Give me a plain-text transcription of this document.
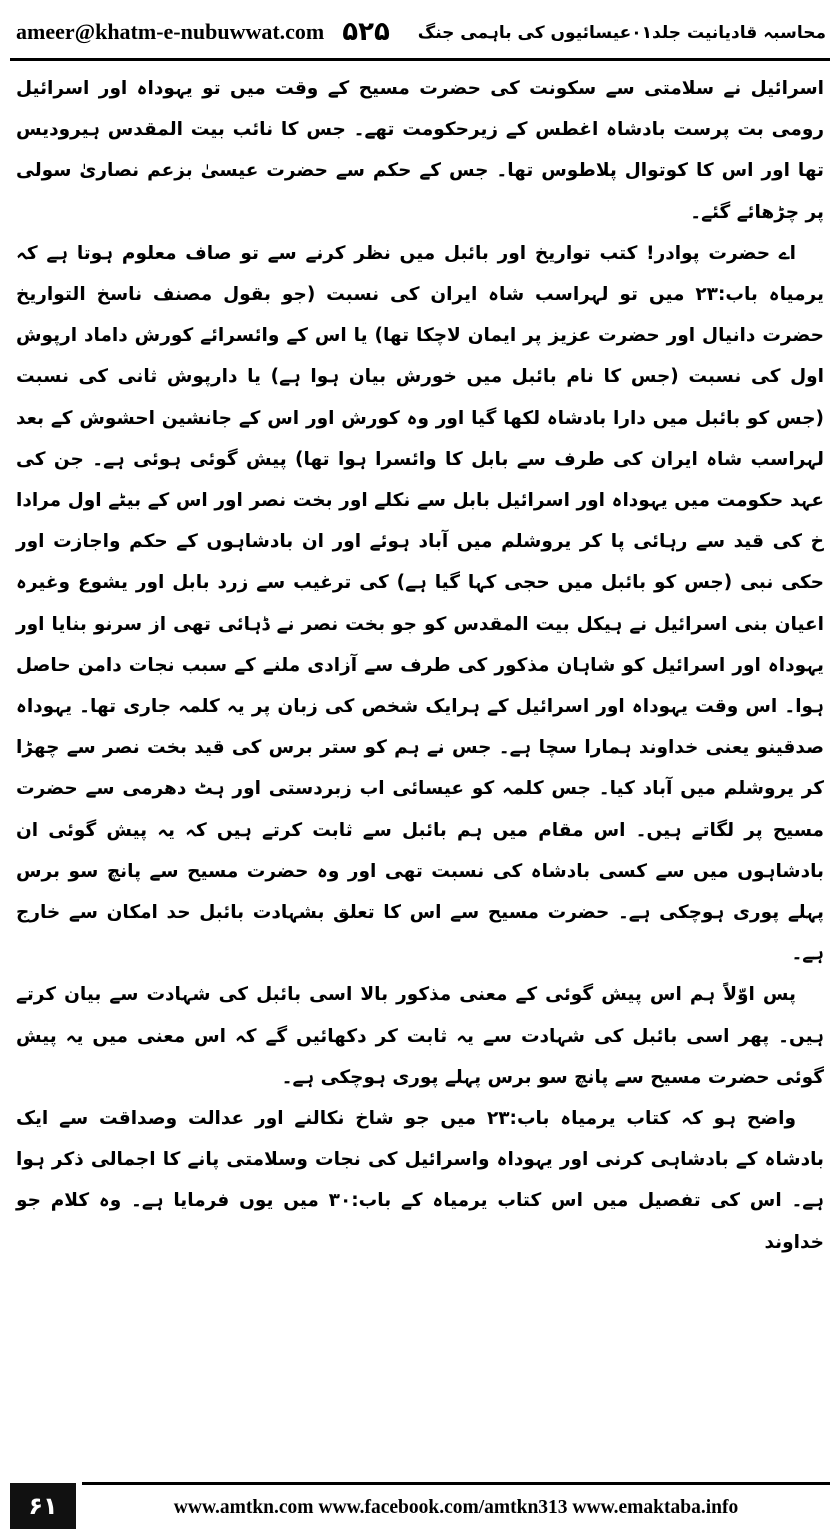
ameer@khatm-e-nubuwwat.com ۵۲۵ محاسبہ قادیانیت جلد۰۱عیسائیوں کی باہمی جنگ

اسرائیل نے سلامتی سے سکونت کی حضرت مسیح کے وقت میں تو یہوداہ اور اسرائیل رومی بت پرست بادشاہ اغطس کے زیرحکومت تھے۔ جس کا نائب بیت المقدس ہیرودیس تھا اور اس کا کوتوال پلاطوس تھا۔ جس کے حکم سے حضرت عیسیٰ بزعم نصاریٰ سولی پر چڑھائے گئے۔

اے حضرت پوادر! کتب تواریخ اور بائبل میں نظر کرنے سے تو صاف معلوم ہوتا ہے کہ یرمیاہ باب:۲۳ میں تو لہراسب شاہ ایران کی نسبت (جو بقول مصنف ناسخ التواریخ حضرت دانیال اور حضرت عزیز پر ایمان لاچکا تھا) یا اس کے وائسرائے کورش داماد ارپوش اول کی نسبت (جس کا نام بائبل میں خورش بیان ہوا ہے) یا دارپوش ثانی کی نسبت (جس کو بائبل میں دارا بادشاہ لکھا گیا اور وہ کورش اور اس کے جانشین احشوش کے بعد لہراسب شاہ ایران کی طرف سے بابل کا وائسرا ہوا تھا) پیش گوئی ہوئی ہے۔ جن کی عہد حکومت میں یہوداہ اور اسرائیل بابل سے نکلے اور بخت نصر اور اس کے بیٹے اول مرادا خ کی قید سے رہائی پا کر یروشلم میں آباد ہوئے اور ان بادشاہوں کے حکم واجازت اور حکی نبی (جس کو بائبل میں حجی کہا گیا ہے) کی ترغیب سے زرد بابل اور یشوع وغیرہ اعیان بنی اسرائیل نے ہیکل بیت المقدس کو جو بخت نصر نے ڈہائی تھی از سرنو بنایا اور یہوداہ اور اسرائیل کو شاہان مذکور کی طرف سے آزادی ملنے کے سبب نجات دامن حاصل ہوا۔ اس وقت یہوداہ اور اسرائیل کے ہرایک شخص کی زبان پر یہ کلمہ جاری تھا۔ یہوداہ صدقینو یعنی خداوند ہمارا سچا ہے۔ جس نے ہم کو ستر برس کی قید بخت نصر سے چھڑا کر یروشلم میں آباد کیا۔ جس کلمہ کو عیسائی اب زبردستی اور ہٹ دھرمی سے حضرت مسیح پر لگاتے ہیں۔ اس مقام میں ہم بائبل سے ثابت کرتے ہیں کہ یہ پیش گوئی ان بادشاہوں میں سے کسی بادشاہ کی نسبت تھی اور وہ حضرت مسیح سے پانچ سو برس پہلے پوری ہوچکی ہے۔ حضرت مسیح سے اس کا تعلق بشہادت بائبل حد امکان سے خارج ہے۔

پس اوّلاً ہم اس پیش گوئی کے معنی مذکور بالا اسی بائبل کی شہادت سے بیان کرتے ہیں۔ پھر اسی بائبل کی شہادت سے یہ ثابت کر دکھائیں گے کہ اس معنی میں یہ پیش گوئی حضرت مسیح سے پانچ سو برس پہلے پوری ہوچکی ہے۔

واضح ہو کہ کتاب یرمیاہ باب:۲۳ میں جو شاخ نکالنے اور عدالت وصداقت سے ایک بادشاہ کے بادشاہی کرنی اور یہوداہ واسرائیل کی نجات وسلامتی پانے کا اجمالی ذکر ہوا ہے۔ اس کی تفصیل میں اس کتاب یرمیاہ کے باب:۳۰ میں یوں فرمایا ہے۔ وہ کلام جو خداوند

۶۱	www.amtkn.com www.facebook.com/amtkn313 www.emaktaba.info
